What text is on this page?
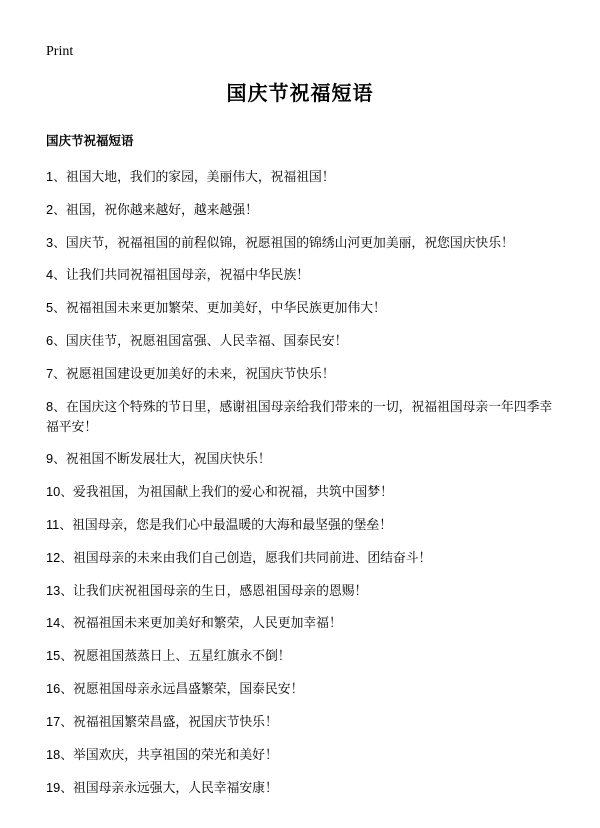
Print
国庆节祝福短语
国庆节祝福短语
1、祖国大地，我们的家园，美丽伟大，祝福祖国！
2、祖国，祝你越来越好，越来越强！
3、国庆节，祝福祖国的前程似锦，祝愿祖国的锦绣山河更加美丽，祝您国庆快乐！
4、让我们共同祝福祖国母亲，祝福中华民族！
5、祝福祖国未来更加繁荣、更加美好，中华民族更加伟大！
6、国庆佳节，祝愿祖国富强、人民幸福、国泰民安！
7、祝愿祖国建设更加美好的未来，祝国庆节快乐！
8、在国庆这个特殊的节日里，感谢祖国母亲给我们带来的一切，祝福祖国母亲一年四季幸福平安！
9、祝祖国不断发展壮大，祝国庆快乐！
10、爱我祖国，为祖国献上我们的爱心和祝福，共筑中国梦！
11、祖国母亲，您是我们心中最温暖的大海和最坚强的堡垒！
12、祖国母亲的未来由我们自己创造，愿我们共同前进、团结奋斗！
13、让我们庆祝祖国母亲的生日，感恩祖国母亲的恩赐！
14、祝福祖国未来更加美好和繁荣，人民更加幸福！
15、祝愿祖国蒸蒸日上、五星红旗永不倒！
16、祝愿祖国母亲永远昌盛繁荣，国泰民安！
17、祝福祖国繁荣昌盛，祝国庆节快乐！
18、举国欢庆，共享祖国的荣光和美好！
19、祖国母亲永远强大，人民幸福安康！
